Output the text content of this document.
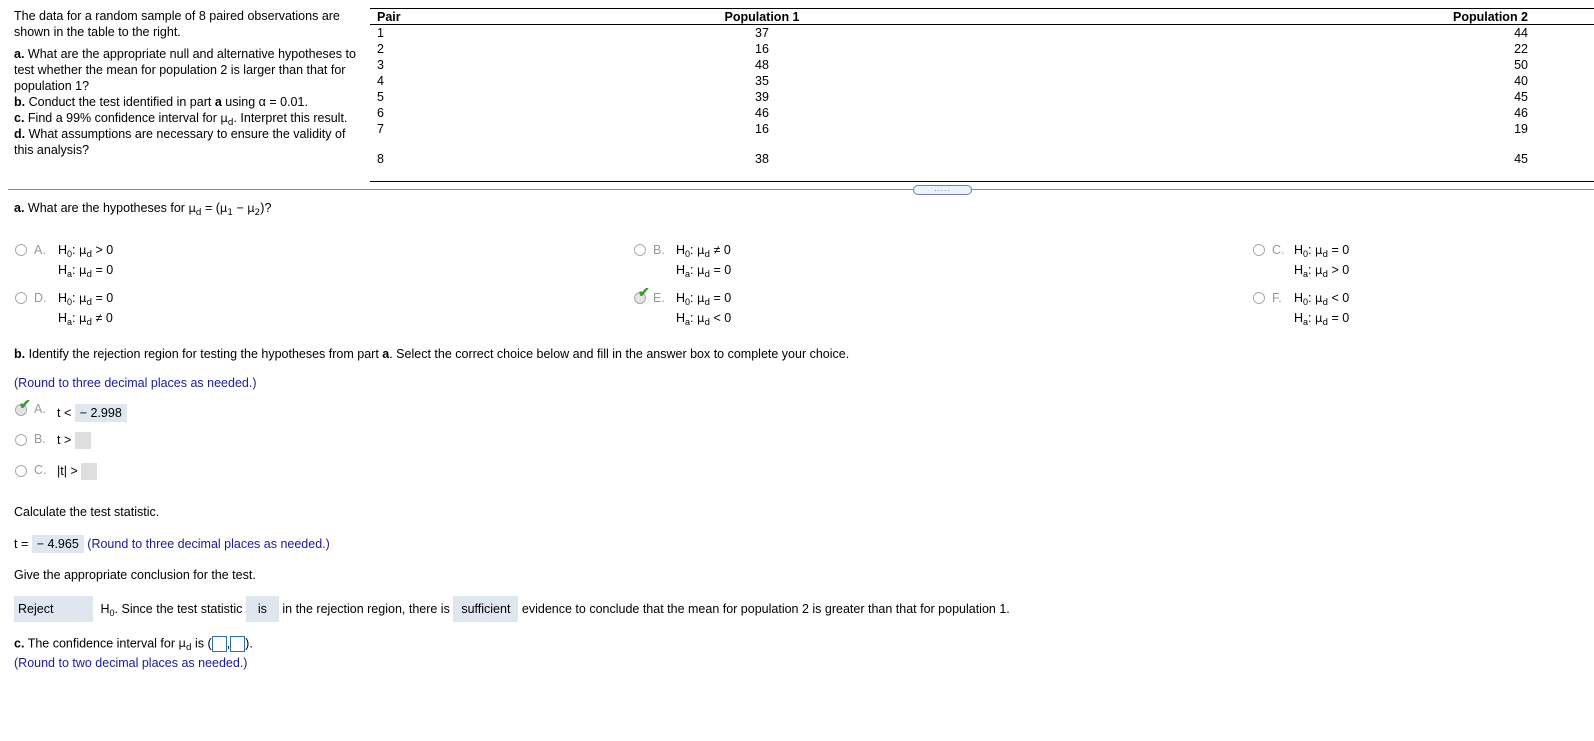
The data for a random sample of 8 paired observations are shown in the table to the right.

a. What are the appropriate null and alternative hypotheses to test whether the mean for population 2 is larger than that for population 1?
b. Conduct the test identified in part a using α = 0.01.
c. Find a 99% confidence interval for $\mu_d$. Interpret this result.
d. What assumptions are necessary to ensure the validity of this analysis?
Pair	Population 1	Population 2
1	37	44
2	16	22
3	48	50
4	35	40
5	39	45
6	46	46
7	16	19
8	38	45
.....
a. What are the hypotheses for $\mu_d = (\mu_1 - \mu_2)$?
A. $H_0$: $\mu_d > 0$
$H_a$: $\mu_d = 0$
B. $H_0$: $\mu_d \ne 0$
$H_a$: $\mu_d = 0$
C. $H_0$: $\mu_d = 0$
$H_a$: $\mu_d > 0$
D. $H_0$: $\mu_d = 0$
$H_a$: $\mu_d \ne 0$
✔ E. $H_0$: $\mu_d = 0$
$H_a$: $\mu_d < 0$
F. $H_0$: $\mu_d < 0$
$H_a$: $\mu_d = 0$
b. Identify the rejection region for testing the hypotheses from part a. Select the correct choice below and fill in the answer box to complete your choice.
(Round to three decimal places as needed.)
✔ A. t < − 2.998
B. t >
C. |t| >
Calculate the test statistic.
t = − 4.965 (Round to three decimal places as needed.)
Give the appropriate conclusion for the test.
Reject	$H_0$. Since the test statistic is in the rejection region, there is sufficient evidence to conclude that the mean for population 2 is greater than that for population 1.
c. The confidence interval for $\mu_d$ is ( , ).
(Round to two decimal places as needed.)
